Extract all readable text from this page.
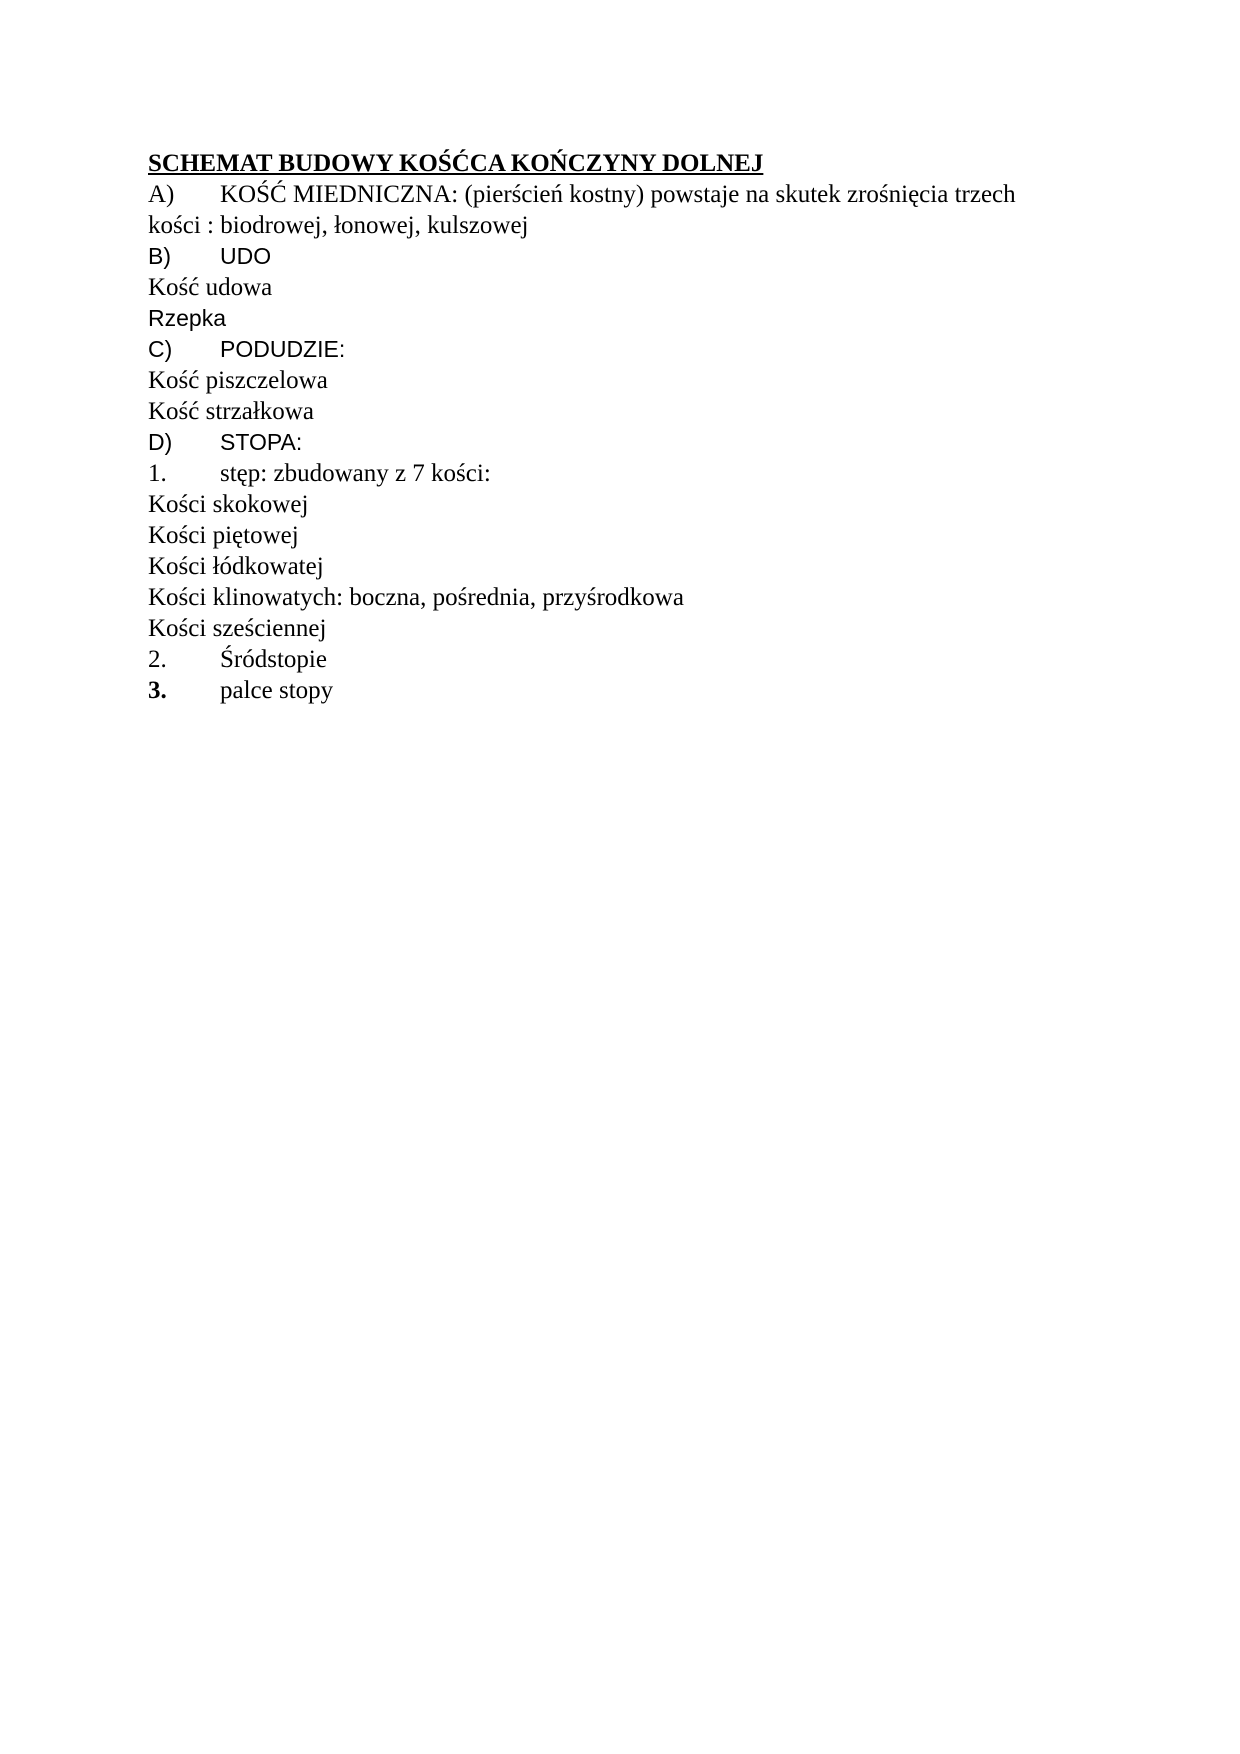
SCHEMAT BUDOWY KOŚĆCA KOŃCZYNY DOLNEJ
A) KOŚĆ MIEDNICZNA: (pierścień kostny) powstaje na skutek zrośnięcia trzech
kości : biodrowej, łonowej, kulszowej
B) UDO
Kość udowa
Rzepka
C) PODUDZIE:
Kość piszczelowa
Kość strzałkowa
D) STOPA:
1. stęp: zbudowany z 7 kości:
Kości skokowej
Kości piętowej
Kości łódkowatej
Kości klinowatych: boczna, pośrednia, przyśrodkowa
Kości sześciennej
2. Śródstopie
3. palce stopy
